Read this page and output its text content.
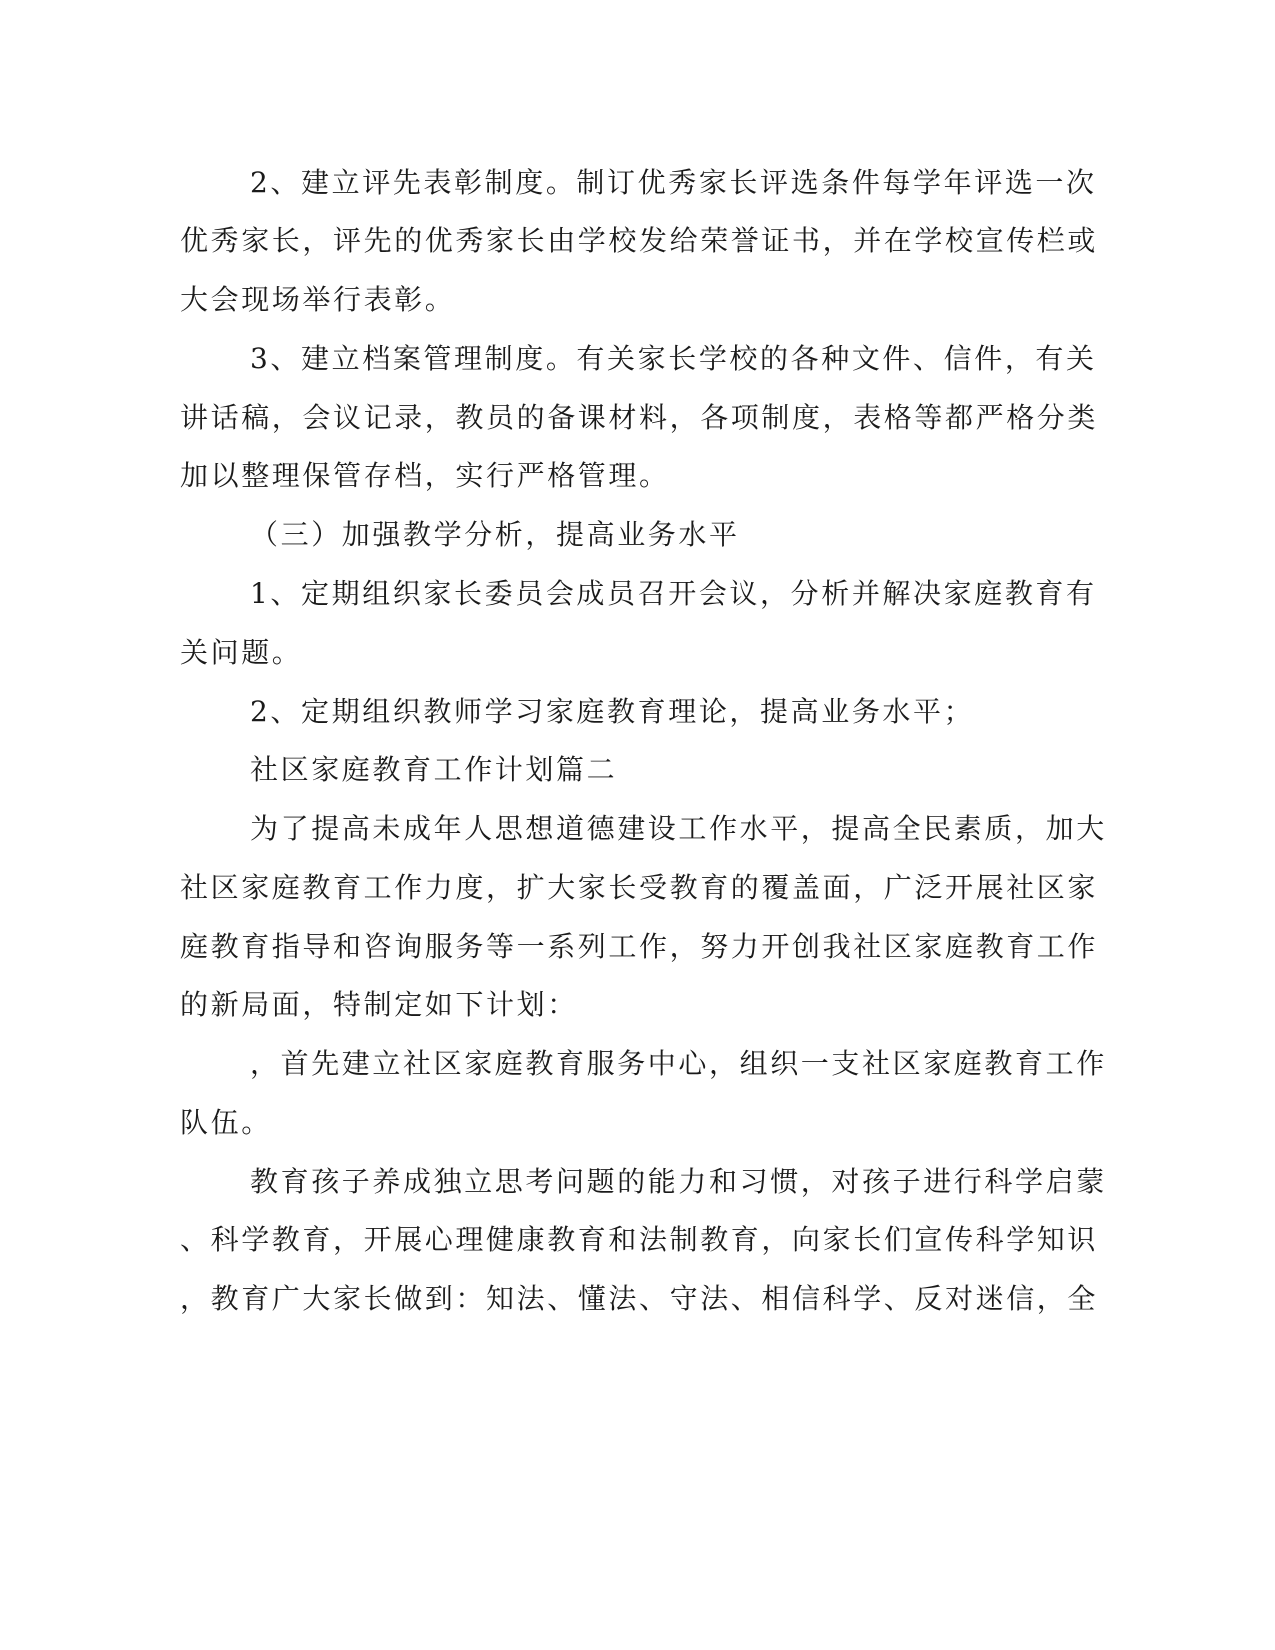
2、建立评先表彰制度。制订优秀家长评选条件每学年评选一次
优秀家长，评先的优秀家长由学校发给荣誉证书，并在学校宣传栏或
大会现场举行表彰。
3、建立档案管理制度。有关家长学校的各种文件、信件，有关
讲话稿，会议记录，教员的备课材料，各项制度，表格等都严格分类
加以整理保管存档，实行严格管理。
（三）加强教学分析，提高业务水平
1、定期组织家长委员会成员召开会议，分析并解决家庭教育有
关问题。
2、定期组织教师学习家庭教育理论，提高业务水平；
社区家庭教育工作计划篇二
为了提高未成年人思想道德建设工作水平，提高全民素质，加大
社区家庭教育工作力度，扩大家长受教育的覆盖面，广泛开展社区家
庭教育指导和咨询服务等一系列工作，努力开创我社区家庭教育工作
的新局面，特制定如下计划：
，首先建立社区家庭教育服务中心，组织一支社区家庭教育工作
队伍。
教育孩子养成独立思考问题的能力和习惯，对孩子进行科学启蒙
、科学教育，开展心理健康教育和法制教育，向家长们宣传科学知识
，教育广大家长做到：知法、懂法、守法、相信科学、反对迷信，全
